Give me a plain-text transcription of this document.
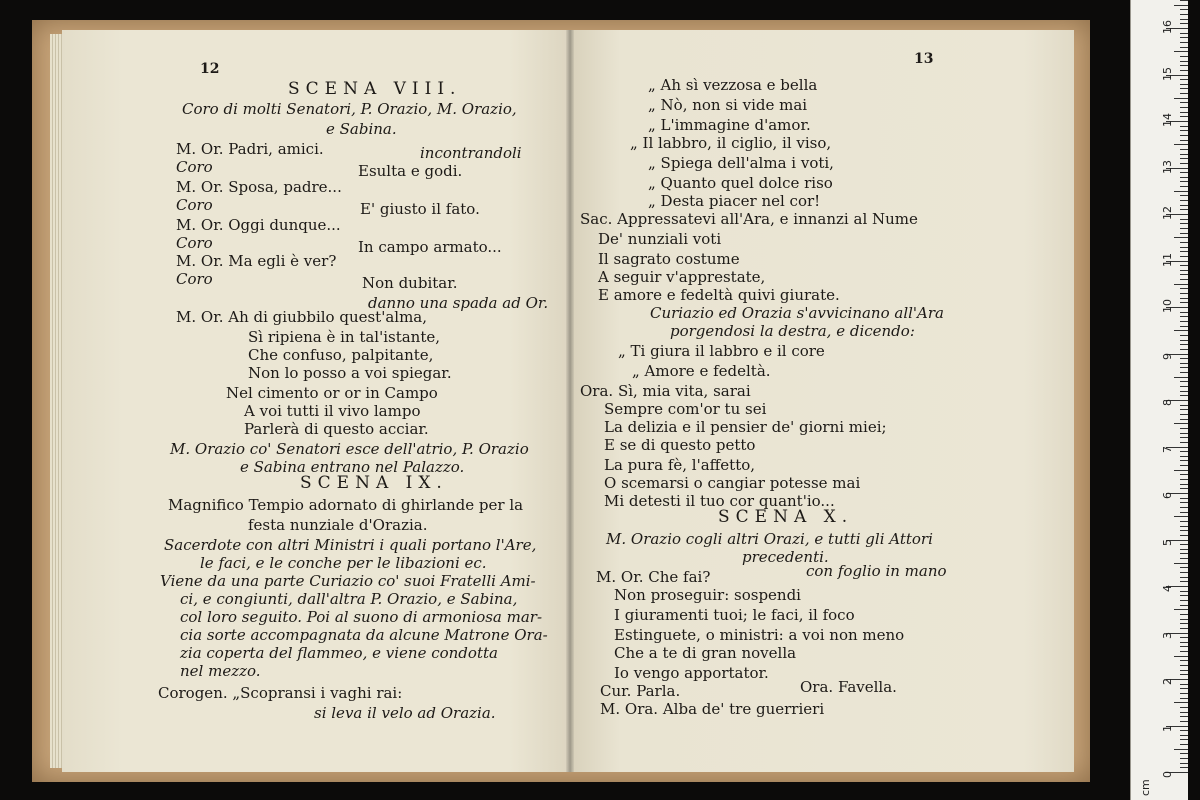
12
SCENA VIII.
Coro di molti Senatori, P. Orazio, M. Orazio,
e Sabina.
M. Or. Padri, amici.	incontrandoli
Coro	Esulta e godi.
M. Or. Sposa, padre...
Coro	E' giusto il fato.
M. Or. Oggi dunque...
Coro	In campo armato...
M. Or. Ma egli è ver?
Coro	Non dubitar.
danno una spada ad Or.
M. Or. Ah di giubbilo quest'alma,
Sì ripiena è in tal'istante,
Che confuso, palpitante,
Non lo posso a voi spiegar.
Nel cimento or or in Campo
A voi tutti il vivo lampo
Parlerà di questo acciar.
M. Orazio co' Senatori esce dell'atrio, P. Orazio
e Sabina entrano nel Palazzo.
SCENA IX.
Magnifico Tempio adornato di ghirlande per la
festa nunziale d'Orazia.
Sacerdote con altri Ministri i quali portano l'Are,
le faci, e le conche per le libazioni ec.
Viene da una parte Curiazio co' suoi Fratelli Ami-
ci, e congiunti, dall'altra P. Orazio, e Sabina,
col loro seguito. Poi al suono di armoniosa mar-
cia sorte accompagnata da alcune Matrone Ora-
zia coperta del flammeo, e viene condotta
nel mezzo.
Corogen. „Scopransi i vaghi rai:
si leva il velo ad Orazia.
13
„ Ah sì vezzosa e bella
„ Nò, non si vide mai
„ L'immagine d'amor.
„ Il labbro, il ciglio, il viso,
„ Spiega dell'alma i voti,
„ Quanto quel dolce riso
„ Desta piacer nel cor!
Sac. Appressatevi all'Ara, e innanzi al Nume
De' nunziali voti
Il sagrato costume
A seguir v'apprestate,
E amore e fedeltà quivi giurate.
Curiazio ed Orazia s'avvicinano all'Ara
porgendosi la destra, e dicendo:
„ Ti giura il labbro e il core
„ Amore e fedeltà.
Ora. Sì, mia vita, sarai
Sempre com'or tu sei
La delizia e il pensier de' giorni miei;
E se di questo petto
La pura fè, l'affetto,
O scemarsi o cangiar potesse mai
Mi detesti il tuo cor quant'io...
SCENA X.
M. Orazio cogli altri Orazi, e tutti gli Attori
precedenti.
M. Or. Che fai?	con foglio in mano
Non proseguir: sospendi
I giuramenti tuoi; le faci, il foco
Estinguete, o ministri: a voi non meno
Che a te di gran novella
Io vengo apportator.
Cur. Parla.	Ora. Favella.
M. Ora. Alba de' tre guerrieri
0
1
2
3
4
5
6
7
8
9
10
11
12
13
14
15
16
cm
